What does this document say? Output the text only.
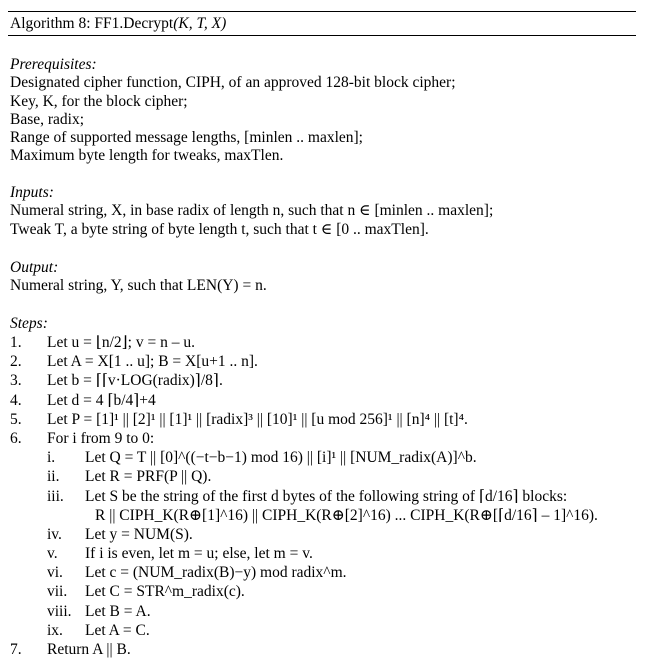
Algorithm 8: FF1.Decrypt(K, T, X)
Prerequisites:
Designated cipher function, CIPH, of an approved 128-bit block cipher;
Key, K, for the block cipher;
Base, radix;
Range of supported message lengths, [minlen .. maxlen];
Maximum byte length for tweaks, maxTlen.
Inputs:
Numeral string, X, in base radix of length n, such that n ∈ [minlen .. maxlen];
Tweak T, a byte string of byte length t, such that t ∈ [0 .. maxTlen].
Output:
Numeral string, Y, such that LEN(Y) = n.
Steps:
1. Let u = ⌊n/2⌋; v = n – u.
2. Let A = X[1 .. u]; B = X[u+1 .. n].
3. Let b = ⌈⌈v·LOG(radix)⌉/8⌉.
4. Let d = 4 ⌈b/4⌉+4
5. Let P = [1]¹ || [2]¹ || [1]¹ || [radix]³ || [10]¹ || [u mod 256]¹ || [n]⁴ || [t]⁴.
6. For i from 9 to 0:
i. Let Q = T || [0]^((−t−b−1) mod 16) || [i]¹ || [NUM_radix(A)]^b.
ii. Let R = PRF(P || Q).
iii. Let S be the string of the first d bytes of the following string of ⌈d/16⌉ blocks:
R || CIPH_K(R⊕[1]^16) || CIPH_K(R⊕[2]^16) ... CIPH_K(R⊕[⌈d/16⌉ – 1]^16).
iv. Let y = NUM(S).
v. If i is even, let m = u; else, let m = v.
vi. Let c = (NUM_radix(B)−y) mod radix^m.
vii. Let C = STR^m_radix(c).
viii. Let B = A.
ix. Let A = C.
7. Return A || B.
